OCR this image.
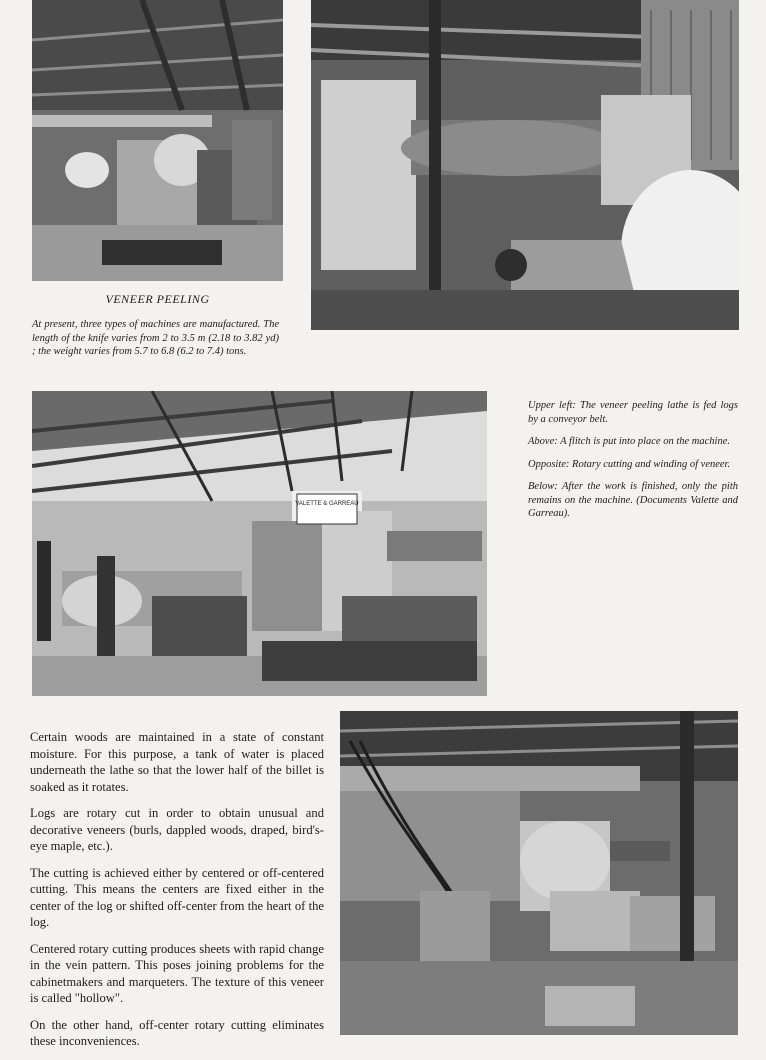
VENEER PEELING
At present, three types of machines are manufactured. The length of the knife varies from 2 to 3.5 m (2.18 to 3.82 yd) ; the weight varies from 5.7 to 6.8 (6.2 to 7.4) tons.
VALETTE & GARREAU

Upper left: The veneer peeling lathe is fed logs by a conveyor belt.

Above: A flitch is put into place on the machine.

Opposite: Rotary cutting and winding of veneer.

Below: After the work is finished, only the pith remains on the machine. (Documents Valette and Garreau).

Certain woods are maintained in a state of constant moisture. For this purpose, a tank of water is placed underneath the lathe so that the lower half of the billet is soaked as it rotates.

Logs are rotary cut in order to obtain unusual and decorative veneers (burls, dappled woods, draped, bird's-eye maple, etc.).

The cutting is achieved either by centered or off-centered cutting. This means the centers are fixed either in the center of the log or shifted off-center from the heart of the log.

Centered rotary cutting produces sheets with rapid change in the vein pattern. This poses joining problems for the cabinetmakers and marqueters. The texture of this veneer is called "hollow".

On the other hand, off-center rotary cutting eliminates these inconveniences.
